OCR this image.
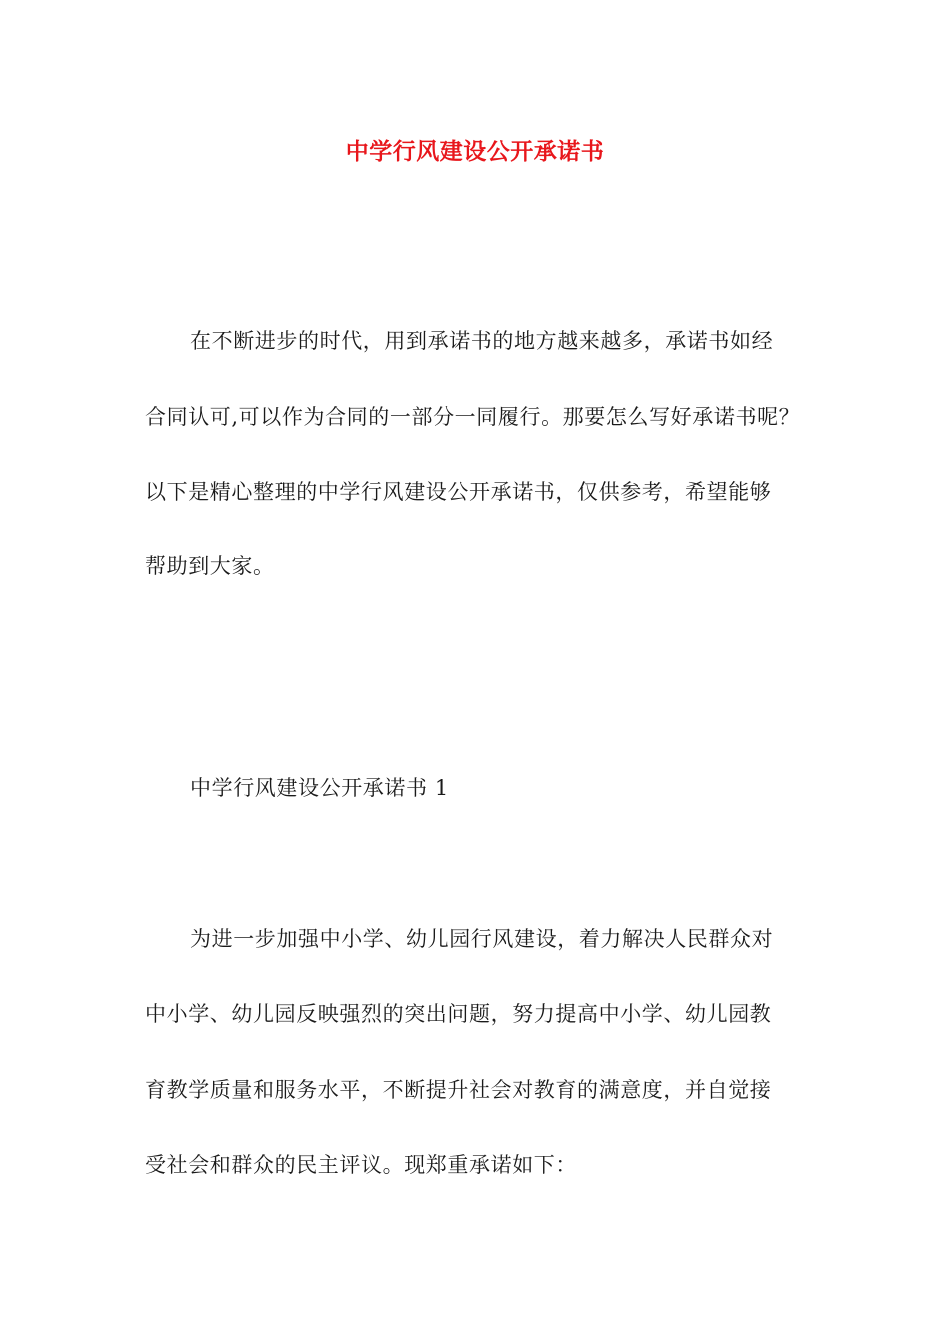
中学行风建设公开承诺书
在不断进步的时代，用到承诺书的地方越来越多，承诺书如经
合同认可,可以作为合同的一部分一同履行。那要怎么写好承诺书呢？
以下是精心整理的中学行风建设公开承诺书，仅供参考，希望能够
帮助到大家。
中学行风建设公开承诺书 1
为进一步加强中小学、幼儿园行风建设，着力解决人民群众对
中小学、幼儿园反映强烈的突出问题，努力提高中小学、幼儿园教
育教学质量和服务水平，不断提升社会对教育的满意度，并自觉接
受社会和群众的民主评议。现郑重承诺如下：
